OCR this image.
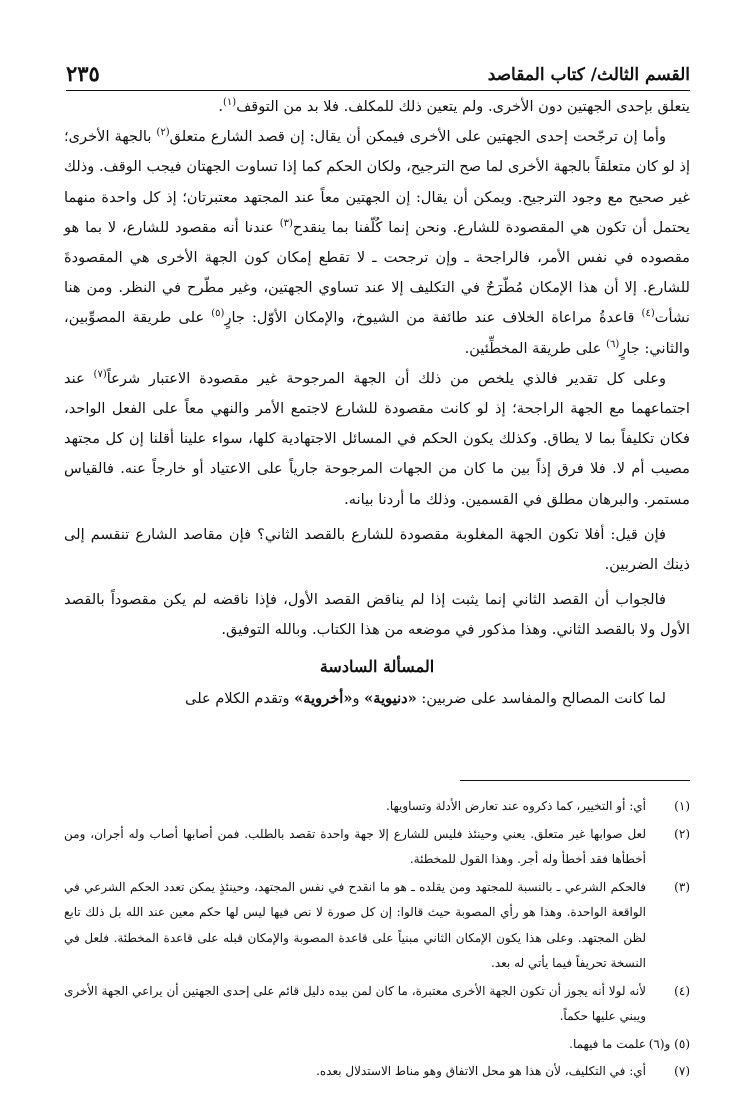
القسم الثالث/ كتاب المقاصد
٢٣٥

يتعلق بإحدى الجهتين دون الأخرى. ولم يتعين ذلك للمكلف. فلا بد من التوقف$^{(١)}$.

وأما إن ترجّحت إحدى الجهتين على الأخرى فيمكن أن يقال: إن قصد الشارع متعلق$^{(٢)}$ بالجهة الأخرى؛ إذ لو كان متعلقاً بالجهة الأخرى لما صح الترجيح، ولكان الحكم كما إذا تساوت الجهتان فيجب الوقف. وذلك غير صحيح مع وجود الترجيح. ويمكن أن يقال: إن الجهتين معاً عند المجتهد معتبرتان؛ إذ كل واحدة منهما يحتمل أن تكون هي المقصودة للشارع. ونحن إنما كُلّفنا بما ينقدح$^{(٣)}$ عندنا أنه مقصود للشارع، لا بما هو مقصوده في نفس الأمر، فالراجحة ـ وإن ترجحت ـ لا تقطع إمكان كون الجهة الأخرى هي المقصودةَ للشارع. إلا أن هذا الإمكان مُطّرَحٌ في التكليف إلا عند تساوي الجهتين، وغير مطّرح في النظر. ومن هنا نشأت$^{(٤)}$ قاعدةُ مراعاة الخلاف عند طائفة من الشيوخ، والإمكان الأوّل: جارٍ$^{(٥)}$ على طريقة المصوِّبين، والثاني: جارٍ$^{(٦)}$ على طريقة المخطِّئين.

وعلى كل تقدير فالذي يلخص من ذلك أن الجهة المرجوحة غير مقصودة الاعتبار شرعاً$^{(٧)}$ عند اجتماعهما مع الجهة الراجحة؛ إذ لو كانت مقصودة للشارع لاجتمع الأمر والنهي معاً على الفعل الواحد، فكان تكليفاً بما لا يطاق. وكذلك يكون الحكم في المسائل الاجتهادية كلها، سواء علينا أقلنا إن كل مجتهد مصيب أم لا. فلا فرق إذاً بين ما كان من الجهات المرجوحة جارياً على الاعتياد أو خارجاً عنه. فالقياس مستمر. والبرهان مطلق في القسمين. وذلك ما أردنا بيانه.

فإن قيل: أفلا تكون الجهة المغلوبة مقصودة للشارع بالقصد الثاني؟ فإن مقاصد الشارع تنقسم إلى ذينك الضربين.

فالجواب أن القصد الثاني إنما يثبت إذا لم يناقض القصد الأول، فإذا ناقضه لم يكن مقصوداً بالقصد الأول ولا بالقصد الثاني. وهذا مذكور في موضعه من هذا الكتاب. وبالله التوفيق.

المسألة السادسة

لما كانت المصالح والمفاسد على ضربين: «دنيوية» و«أخروية» وتقدم الكلام على

(١)
أي: أو التخيير، كما ذكروه عند تعارض الأدلة وتساويها.
(٢)
لعل صوابها غير متعلق. يعني وحينئذ فليس للشارع إلا جهة واحدة تقصد بالطلب. فمن أصابها أصاب وله أجران، ومن أخطأها فقد أخطأ وله أجر. وهذا القول للمخطئة.
(٣)
فالحكم الشرعي ـ بالنسبة للمجتهد ومن يقلده ـ هو ما انقدح في نفس المجتهد، وحينئذٍ يمكن تعدد الحكم الشرعي في الواقعة الواحدة. وهذا هو رأي المصوبة حيث قالوا: إن كل صورة لا نص فيها ليس لها حكم معين عند الله بل ذلك تابع لظن المجتهد. وعلى هذا يكون الإمكان الثاني مبنياً على قاعدة المصوبة والإمكان قبله على قاعدة المخطئة. فلعل في النسخة تحريفاً فيما يأتي له بعد.
(٤)
لأنه لولا أنه يجوز أن تكون الجهة الأخرى معتبرة، ما كان لمن بيده دليل قائم على إحدى الجهتين أن يراعي الجهة الأخرى ويبني عليها حكماً.
(٥) و(٦)
علمت ما فيهما.
(٧)
أي: في التكليف، لأن هذا هو محل الاتفاق وهو مناط الاستدلال بعده.
